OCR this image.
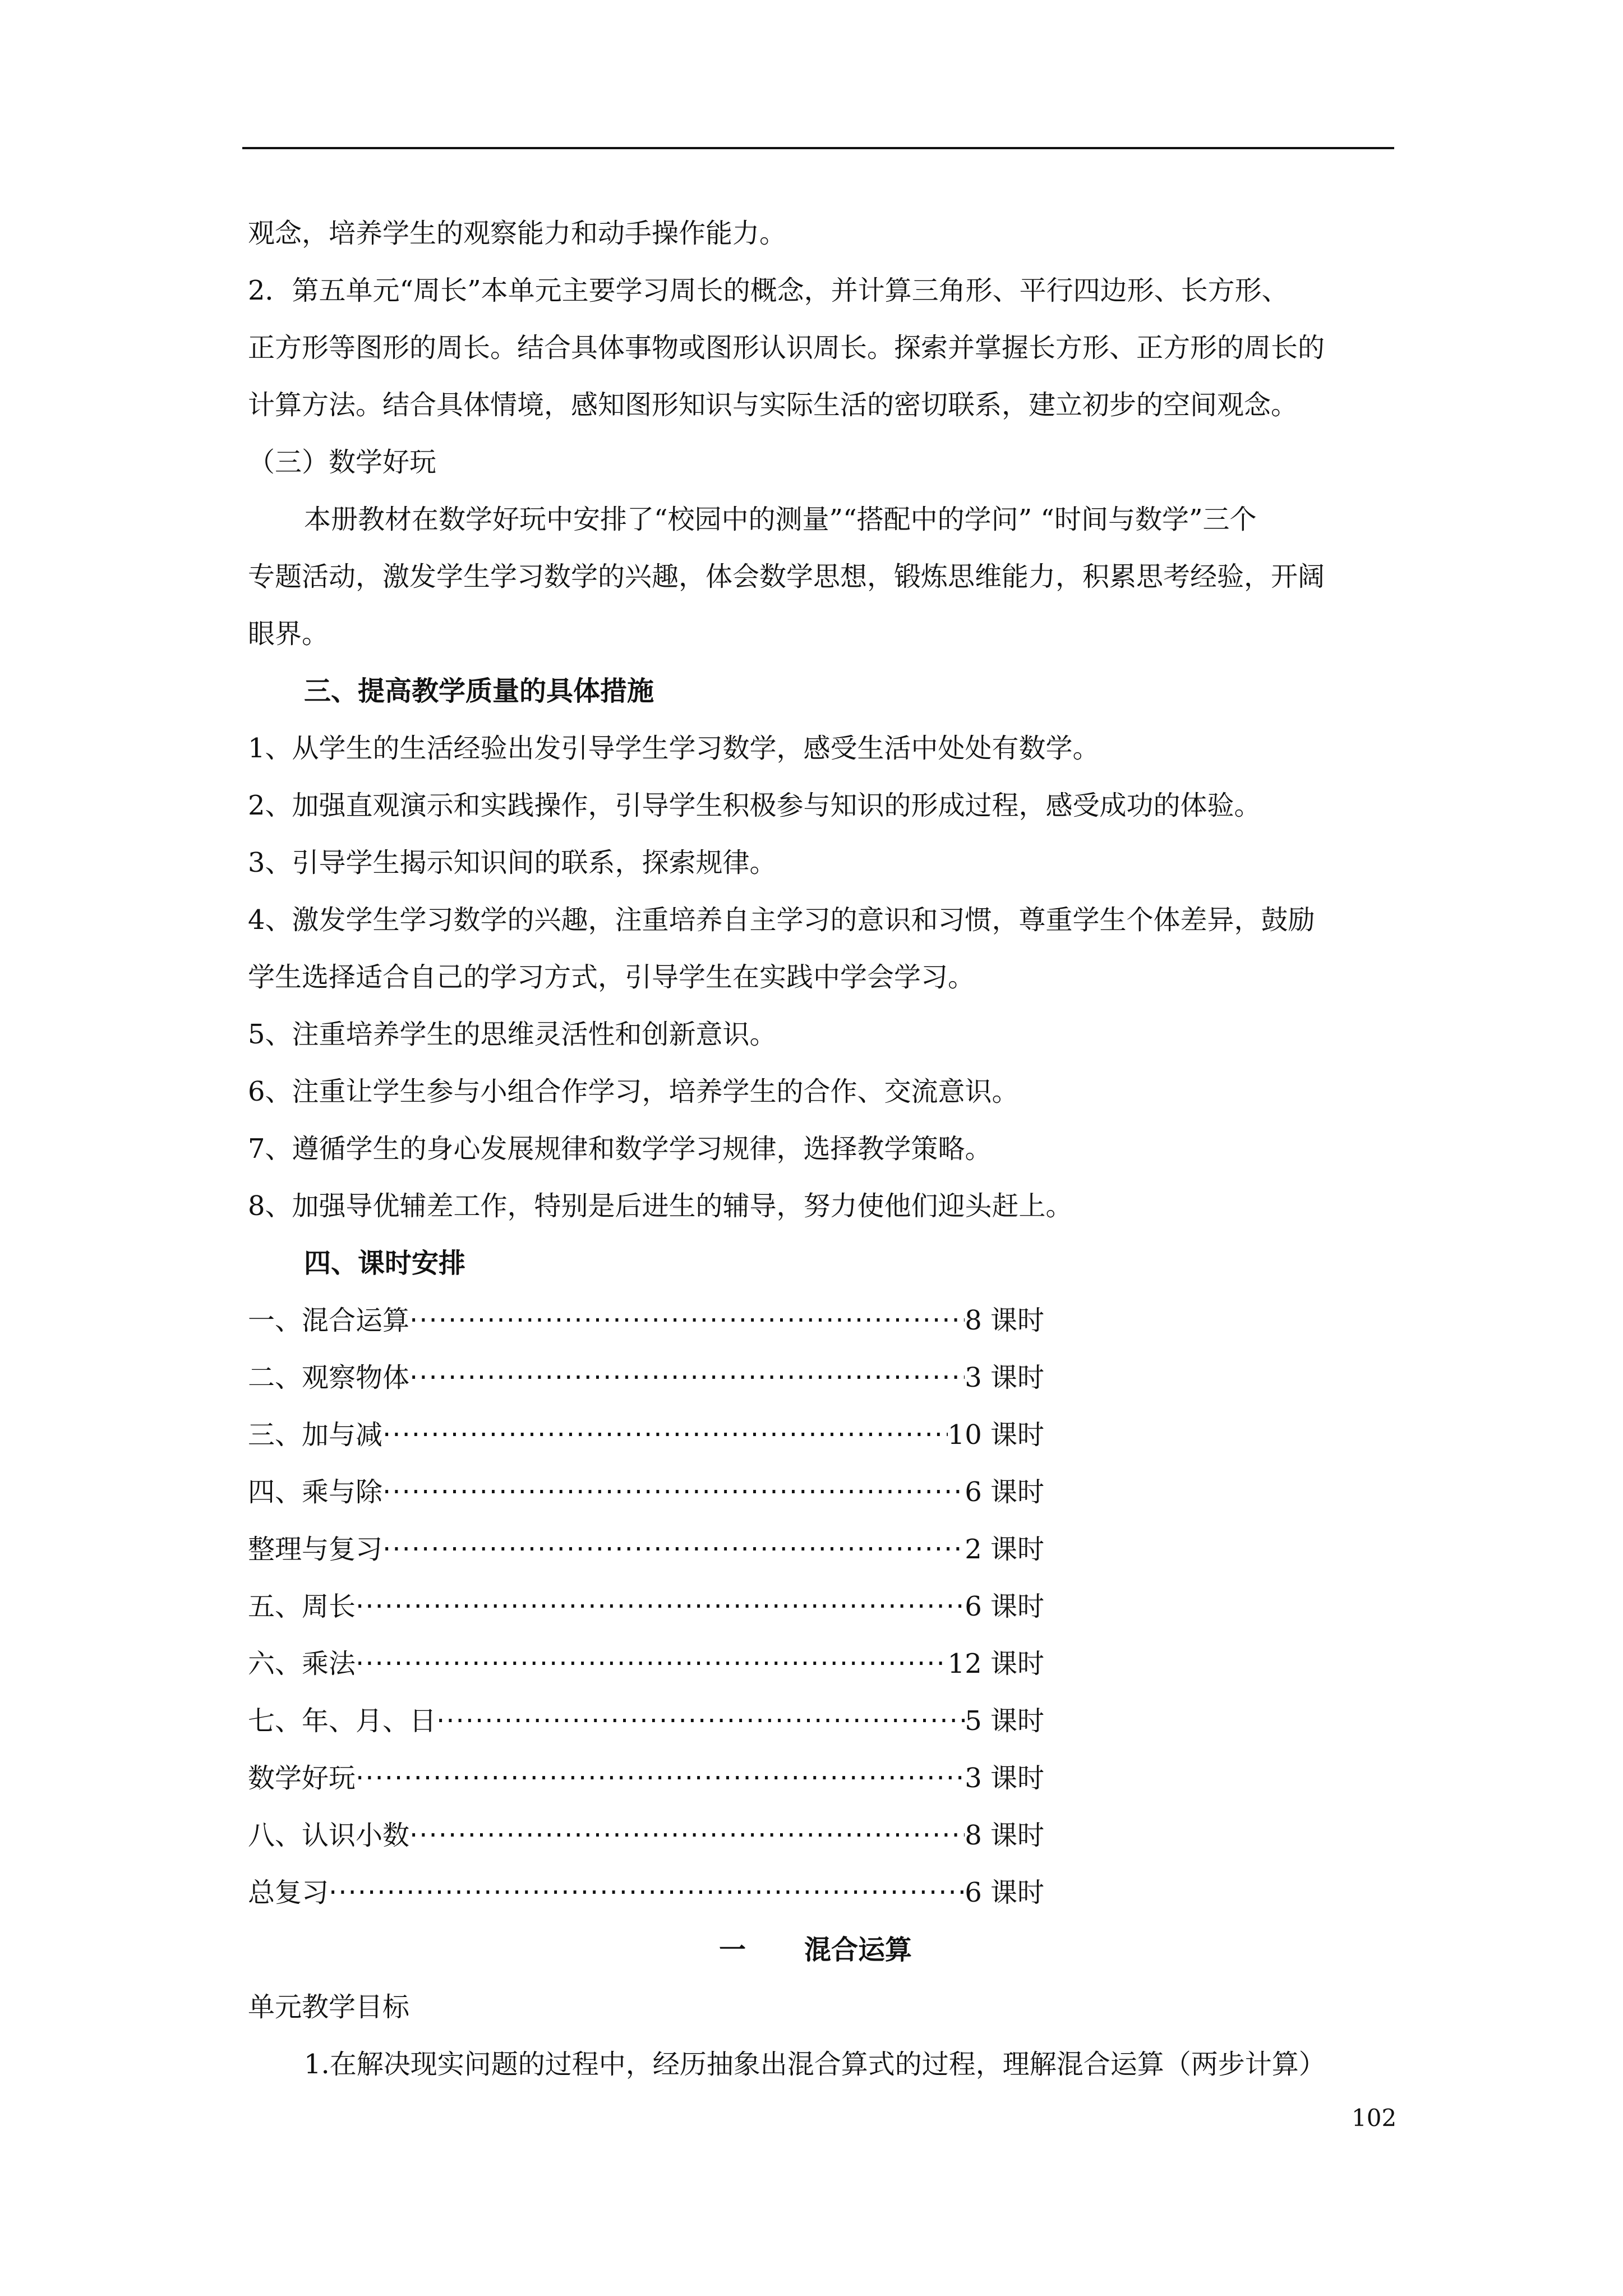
观念，培养学生的观察能力和动手操作能力。
2．第五单元“周长”本单元主要学习周长的概念，并计算三角形、平行四边形、长方形、
正方形等图形的周长。结合具体事物或图形认识周长。探索并掌握长方形、正方形的周长的
计算方法。结合具体情境，感知图形知识与实际生活的密切联系，建立初步的空间观念。
（三）数学好玩
本册教材在数学好玩中安排了“校园中的测量”“搭配中的学问” “时间与数学”三个
专题活动，激发学生学习数学的兴趣，体会数学思想，锻炼思维能力，积累思考经验，开阔
眼界。
三、提高教学质量的具体措施
1、从学生的生活经验出发引导学生学习数学，感受生活中处处有数学。
2、加强直观演示和实践操作，引导学生积极参与知识的形成过程，感受成功的体验。
3、引导学生揭示知识间的联系，探索规律。
4、激发学生学习数学的兴趣，注重培养自主学习的意识和习惯，尊重学生个体差异，鼓励
学生选择适合自己的学习方式，引导学生在实践中学会学习。
5、注重培养学生的思维灵活性和创新意识。
6、注重让学生参与小组合作学习，培养学生的合作、交流意识。
7、遵循学生的身心发展规律和数学学习规律，选择教学策略。
8、加强导优辅差工作，特别是后进生的辅导，努力使他们迎头赶上。
四、课时安排
一、混合运算 ·····	8 课时
二、观察物体 ·····	3 课时
三、加与减 ·····	10 课时
四、乘与除 ·····	6 课时
整理与复习 ·····	2 课时
五、周长 ·····	6 课时
六、乘法 ·····	12 课时
七、年、月、日 ·····	5 课时
数学好玩 ·····	3 课时
八、认识小数 ·····	8 课时
总复习 ·····	6 课时
一 混合运算
单元教学目标
1.在解决现实问题的过程中，经历抽象出混合算式的过程，理解混合运算（两步计算）
102
